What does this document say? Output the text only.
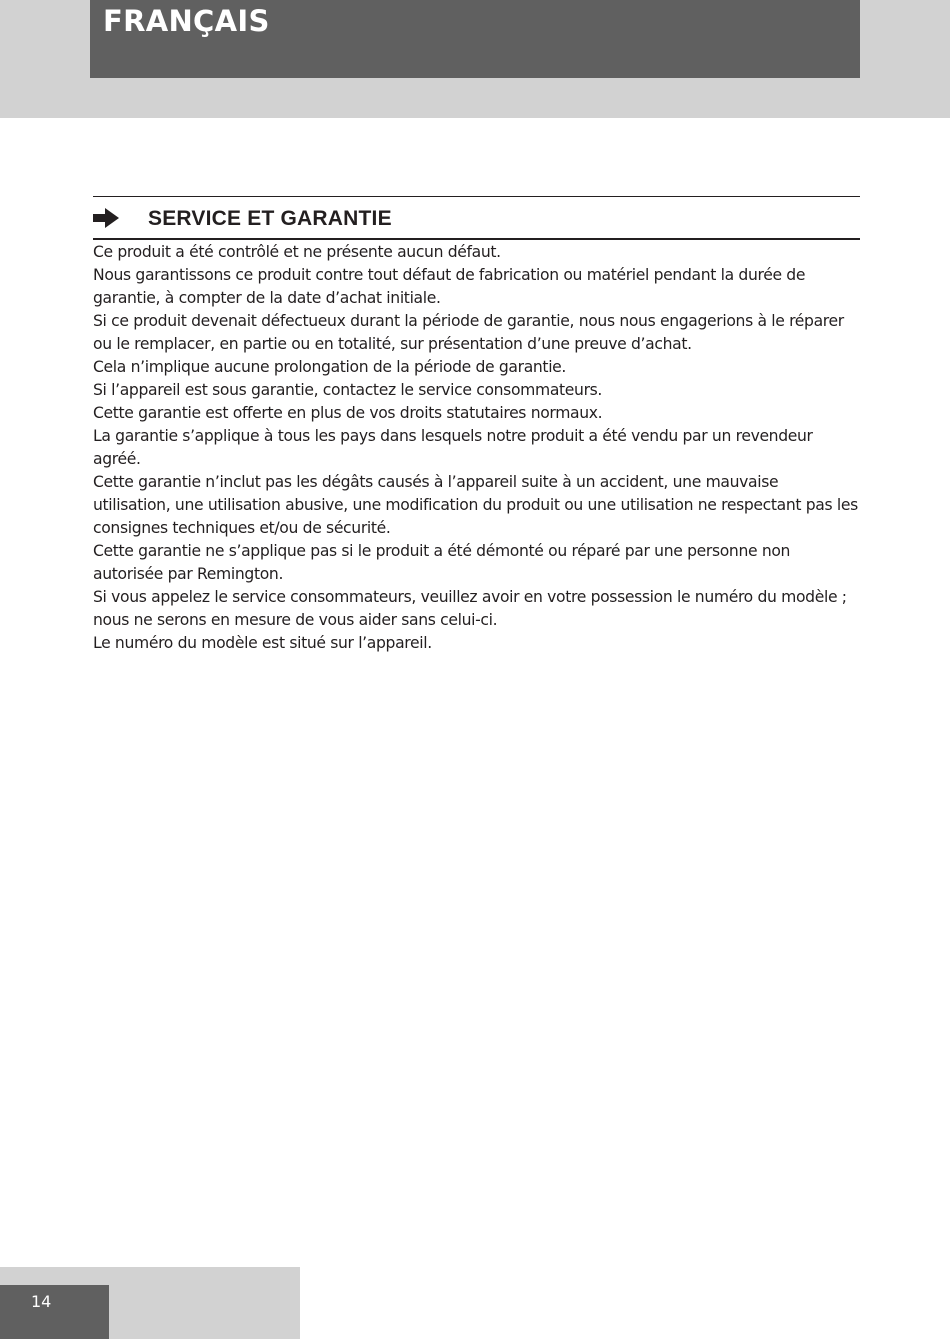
FRANÇAIS
SERVICE ET GARANTIE

Ce produit a été contrôlé et ne présente aucun défaut.

Nous garantissons ce produit contre tout défaut de fabrication ou matériel pendant la durée de garantie, à compter de la date d’achat initiale.

Si ce produit devenait défectueux durant la période de garantie, nous nous engagerions à le réparer ou le remplacer, en partie ou en totalité, sur présentation d’une preuve d’achat.

Cela n’implique aucune prolongation de la période de garantie.

Si l’appareil est sous garantie, contactez le service consommateurs.

Cette garantie est offerte en plus de vos droits statutaires normaux.

La garantie s’applique à tous les pays dans lesquels notre produit a été vendu par un revendeur agréé.

Cette garantie n’inclut pas les dégâts causés à l’appareil suite à un accident, une mauvaise utilisation, une utilisation abusive, une modification du produit ou une utilisation ne respectant pas les consignes techniques et/ou de sécurité.

Cette garantie ne s’applique pas si le produit a été démonté ou réparé par une personne non autorisée par Remington.

Si vous appelez le service consommateurs, veuillez avoir en votre possession le numéro du modèle ; nous ne serons en mesure de vous aider sans celui-ci.

Le numéro du modèle est situé sur l’appareil.

14
